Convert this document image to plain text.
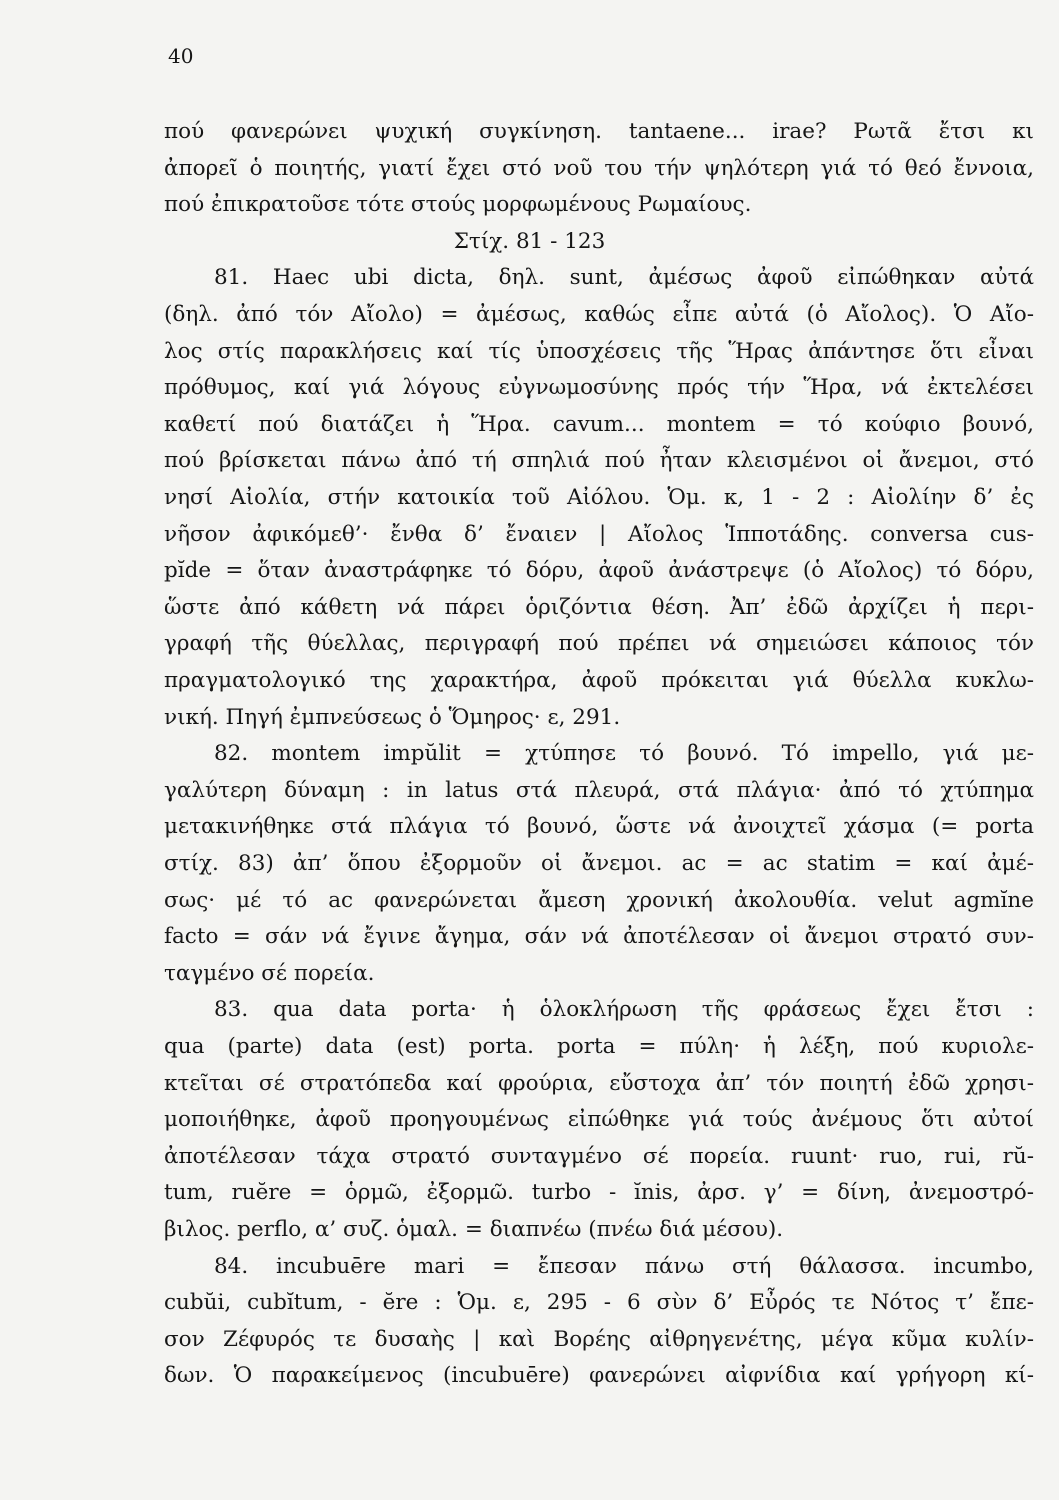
40
πού φανερώνει ψυχική συγκίνηση. tantaene... irae? Ρωτᾶ ἔτσι κι
ἀπορεῖ ὁ ποιητής, γιατί ἔχει στό νοῦ του τήν ψηλότερη γιά τό θεό ἔννοια,
πού ἐπικρατοῦσε τότε στούς μορφωμένους Ρωμαίους.
Στίχ. 81 - 123
81. Haec ubi dicta, δηλ. sunt, ἀμέσως ἀφοῦ εἰπώθηκαν αὐτά
(δηλ. ἀπό τόν Αἴολο) = ἀμέσως, καθώς εἶπε αὐτά (ὁ Αἴολος). Ὁ Αἴο-
λος στίς παρακλήσεις καί τίς ὑποσχέσεις τῆς Ἥρας ἀπάντησε ὅτι εἶναι
πρόθυμος, καί γιά λόγους εὐγνωμοσύνης πρός τήν Ἥρα, νά ἐκτελέσει
καθετί πού διατάζει ἡ Ἥρα. cavum... montem = τό κούφιο βουνό,
πού βρίσκεται πάνω ἀπό τή σπηλιά πού ἦταν κλεισμένοι οἱ ἄνεμοι, στό
νησί Αἰολία, στήν κατοικία τοῦ Αἰόλου. Ὁμ. κ, 1 - 2 : Αἰολίην δ’ ἐς
νῆσον ἀφικόμεθ’· ἔνθα δ’ ἔναιεν | Αἴολος Ἱπποτάδης. conversa cus-
pĭde = ὅταν ἀναστράφηκε τό δόρυ, ἀφοῦ ἀνάστρεψε (ὁ Αἴολος) τό δόρυ,
ὥστε ἀπό κάθετη νά πάρει ὁριζόντια θέση. Ἀπ’ ἐδῶ ἀρχίζει ἡ περι-
γραφή τῆς θύελλας, περιγραφή πού πρέπει νά σημειώσει κάποιος τόν
πραγματολογικό της χαρακτήρα, ἀφοῦ πρόκειται γιά θύελλα κυκλω-
νική. Πηγή ἐμπνεύσεως ὁ Ὅμηρος· ε, 291.
82. montem impŭlit = χτύπησε τό βουνό. Τό impello, γιά με-
γαλύτερη δύναμη : in latus στά πλευρά, στά πλάγια· ἀπό τό χτύπημα
μετακινήθηκε στά πλάγια τό βουνό, ὥστε νά ἀνοιχτεῖ χάσμα (= porta
στίχ. 83) ἀπ’ ὅπου ἐξορμοῦν οἱ ἄνεμοι. ac = ac statim = καί ἀμέ-
σως· μέ τό ac φανερώνεται ἄμεση χρονική ἀκολουθία. velut agmĭne
facto = σάν νά ἔγινε ἄγημα, σάν νά ἀποτέλεσαν οἱ ἄνεμοι στρατό συν-
ταγμένο σέ πορεία.
83. qua data porta· ἡ ὁλοκλήρωση τῆς φράσεως ἔχει ἔτσι :
qua (parte) data (est) porta. porta = πύλη· ἡ λέξη, πού κυριολε-
κτεῖται σέ στρατόπεδα καί φρούρια, εὔστοχα ἀπ’ τόν ποιητή ἐδῶ χρησι-
μοποιήθηκε, ἀφοῦ προηγουμένως εἰπώθηκε γιά τούς ἀνέμους ὅτι αὐτοί
ἀποτέλεσαν τάχα στρατό συνταγμένο σέ πορεία. ruunt· ruo, rui, rŭ-
tum, ruĕre = ὁρμῶ, ἐξορμῶ. turbo - ĭnis, ἀρσ. γ’ = δίνη, ἀνεμοστρό-
βιλος. perflo, α’ συζ. ὁμαλ. = διαπνέω (πνέω διά μέσου).
84. incubuēre mari = ἔπεσαν πάνω στή θάλασσα. incumbo,
cubŭi, cubĭtum, - ĕre : Ὁμ. ε, 295 - 6 σὺν δ’ Εὖρός τε Νότος τ’ ἔπε-
σον Ζέφυρός τε δυσαὴς | καὶ Βορέης αἰθρηγενέτης, μέγα κῦμα κυλίν-
δων. Ὁ παρακείμενος (incubuēre) φανερώνει αἰφνίδια καί γρήγορη κί-
